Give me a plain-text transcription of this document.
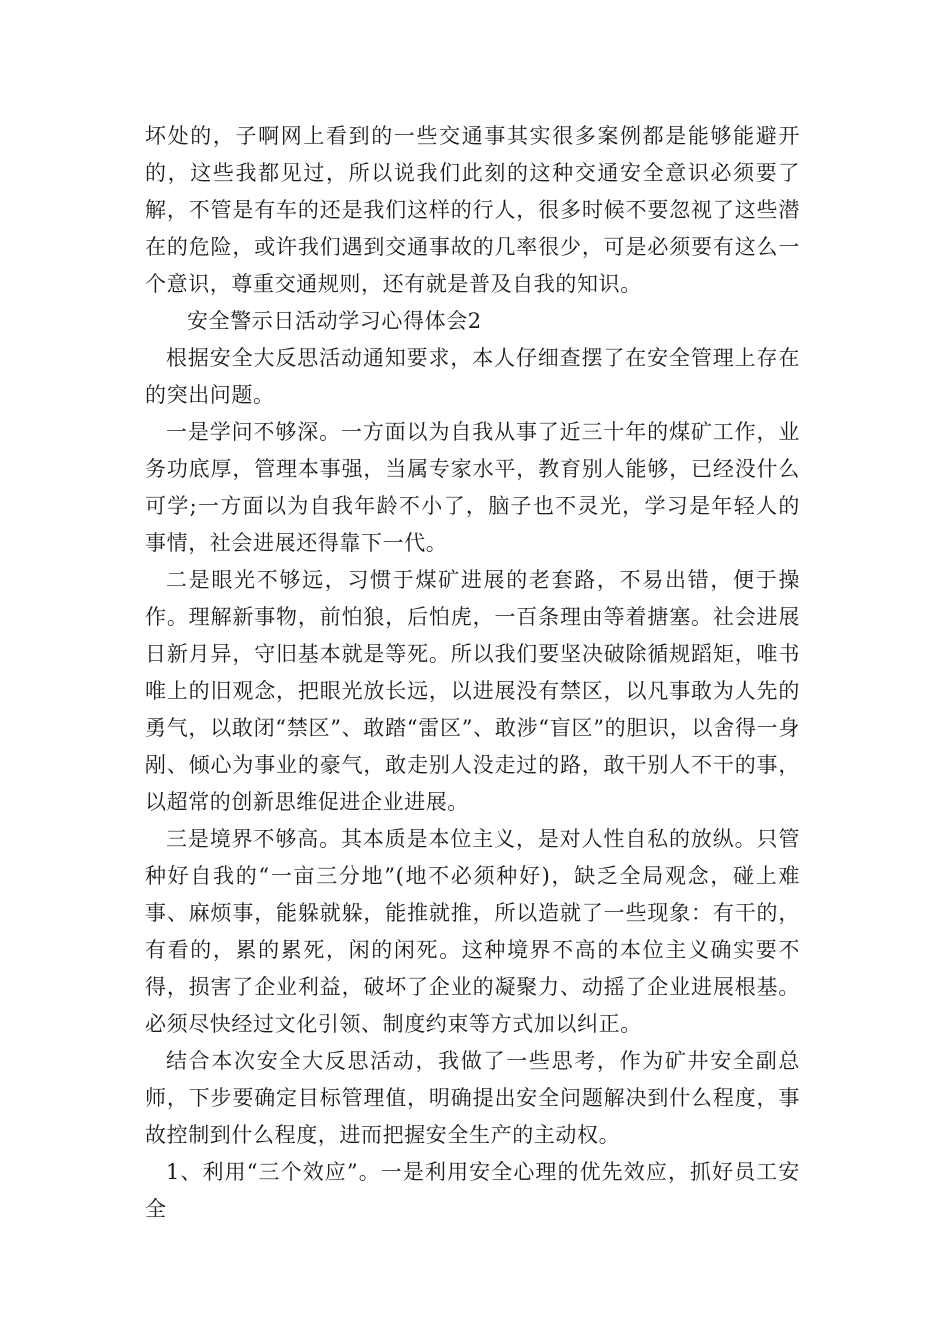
坏处的，子啊网上看到的一些交通事其实很多案例都是能够能避开的，这些我都见过，所以说我们此刻的这种交通安全意识必须要了解，不管是有车的还是我们这样的行人，很多时候不要忽视了这些潜在的危险，或许我们遇到交通事故的几率很少，可是必须要有这么一个意识，尊重交通规则，还有就是普及自我的知识。

安全警示日活动学习心得体会2

根据安全大反思活动通知要求，本人仔细查摆了在安全管理上存在的突出问题。

一是学问不够深。一方面以为自我从事了近三十年的煤矿工作，业务功底厚，管理本事强，当属专家水平，教育别人能够，已经没什么可学;一方面以为自我年龄不小了，脑子也不灵光，学习是年轻人的事情，社会进展还得靠下一代。

二是眼光不够远，习惯于煤矿进展的老套路，不易出错，便于操作。理解新事物，前怕狼，后怕虎，一百条理由等着搪塞。社会进展日新月异，守旧基本就是等死。所以我们要坚决破除循规蹈矩，唯书唯上的旧观念，把眼光放长远，以进展没有禁区，以凡事敢为人先的勇气，以敢闭“禁区”、敢踏“雷区”、敢涉“盲区”的胆识，以舍得一身剐、倾心为事业的豪气，敢走别人没走过的路，敢干别人不干的事，以超常的创新思维促进企业进展。

三是境界不够高。其本质是本位主义，是对人性自私的放纵。只管种好自我的“一亩三分地”(地不必须种好)，缺乏全局观念，碰上难事、麻烦事，能躲就躲，能推就推，所以造就了一些现象：有干的，有看的，累的累死，闲的闲死。这种境界不高的本位主义确实要不得，损害了企业利益，破坏了企业的凝聚力、动摇了企业进展根基。必须尽快经过文化引领、制度约束等方式加以纠正。

结合本次安全大反思活动，我做了一些思考，作为矿井安全副总师，下步要确定目标管理值，明确提出安全问题解决到什么程度，事故控制到什么程度，进而把握安全生产的主动权。

1、利用“三个效应”。一是利用安全心理的优先效应，抓好员工安全
